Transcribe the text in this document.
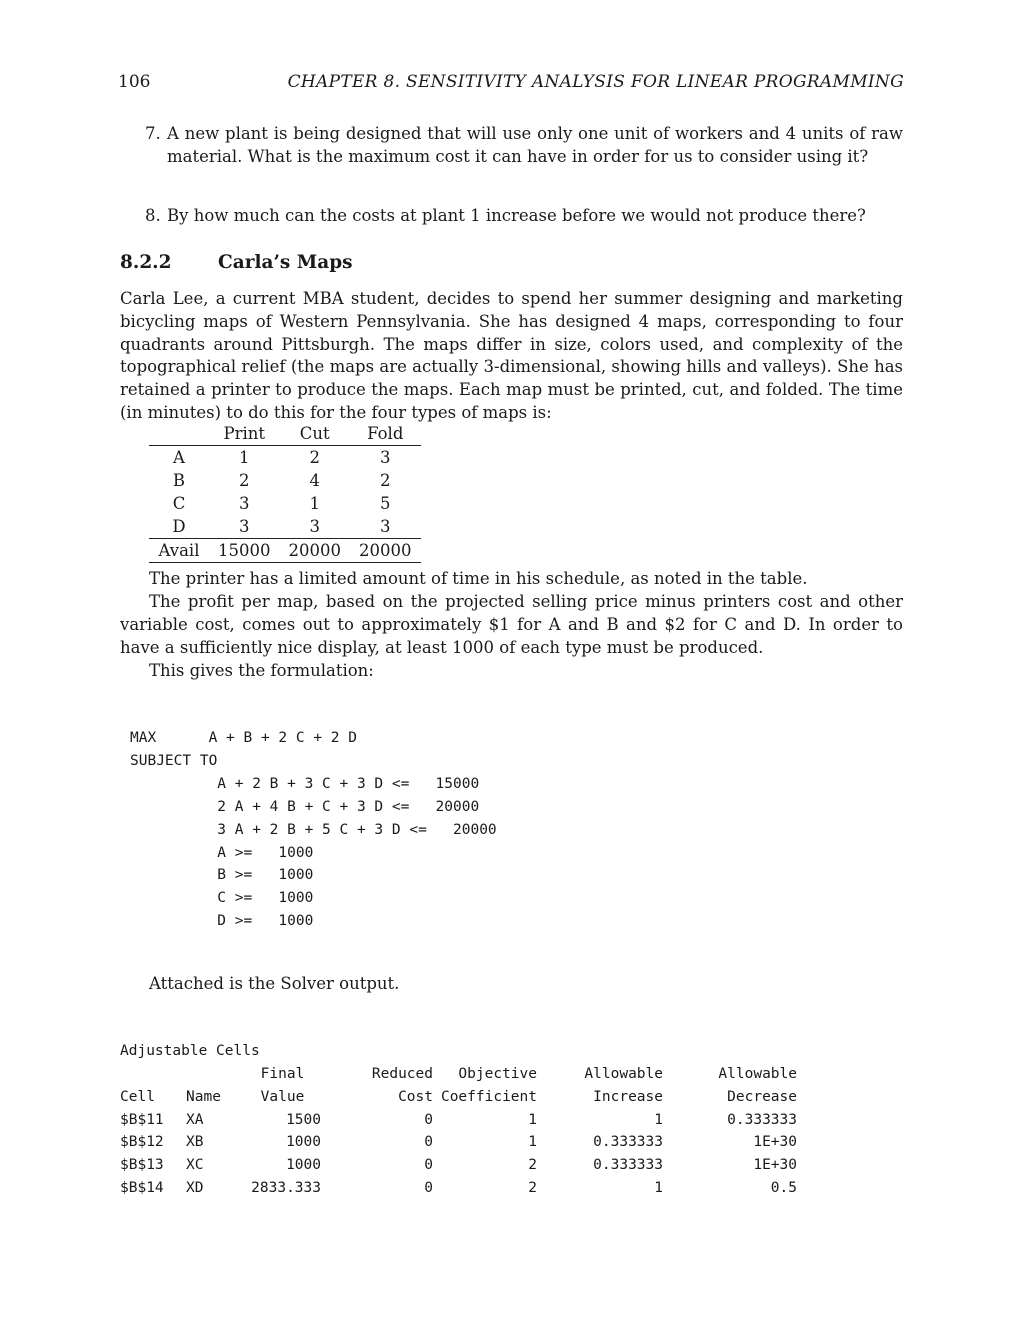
106	CHAPTER 8. SENSITIVITY ANALYSIS FOR LINEAR PROGRAMMING
7. A new plant is being designed that will use only one unit of workers and 4 units of raw material. What is the maximum cost it can have in order for us to consider using it?
8. By how much can the costs at plant 1 increase before we would not produce there?
8.2.2	Carla’s Maps

Carla Lee, a current MBA student, decides to spend her summer designing and marketing bicycling maps of Western Pennsylvania. She has designed 4 maps, corresponding to four quadrants around Pittsburgh. The maps differ in size, colors used, and complexity of the topographical relief (the maps are actually 3-dimensional, showing hills and valleys). She has retained a printer to produce the maps. Each map must be printed, cut, and folded. The time (in minutes) to do this for the four types of maps is:

	Print	Cut	Fold
A	1	2	3
B	2	4	2
C	3	1	5
D	3	3	3
Avail	15000	20000	20000

The printer has a limited amount of time in his schedule, as noted in the table.

The profit per map, based on the projected selling price minus printers cost and other variable cost, comes out to approximately $1 for A and B and $2 for C and D. In order to have a sufficiently nice display, at least 1000 of each type must be produced.

This gives the formulation:

MAX      A + B + 2 C + 2 D
SUBJECT TO
A + 2 B + 3 C + 3 D <=   15000
2 A + 4 B + C + 3 D <=   20000
3 A + 2 B + 5 C + 3 D <=   20000
A >=   1000
B >=   1000
C >=   1000
D >=   1000

Attached is the Solver output.

Adjustable Cells
		Final	Reduced	Objective	Allowable	Allowable
Cell	Name	Value	Cost	Coefficient	Increase	Decrease
$B$11	XA	1500	0	1	1	0.333333
$B$12	XB	1000	0	1	0.333333	1E+30
$B$13	XC	1000	0	2	0.333333	1E+30
$B$14	XD	2833.333	0	2	1	0.5
